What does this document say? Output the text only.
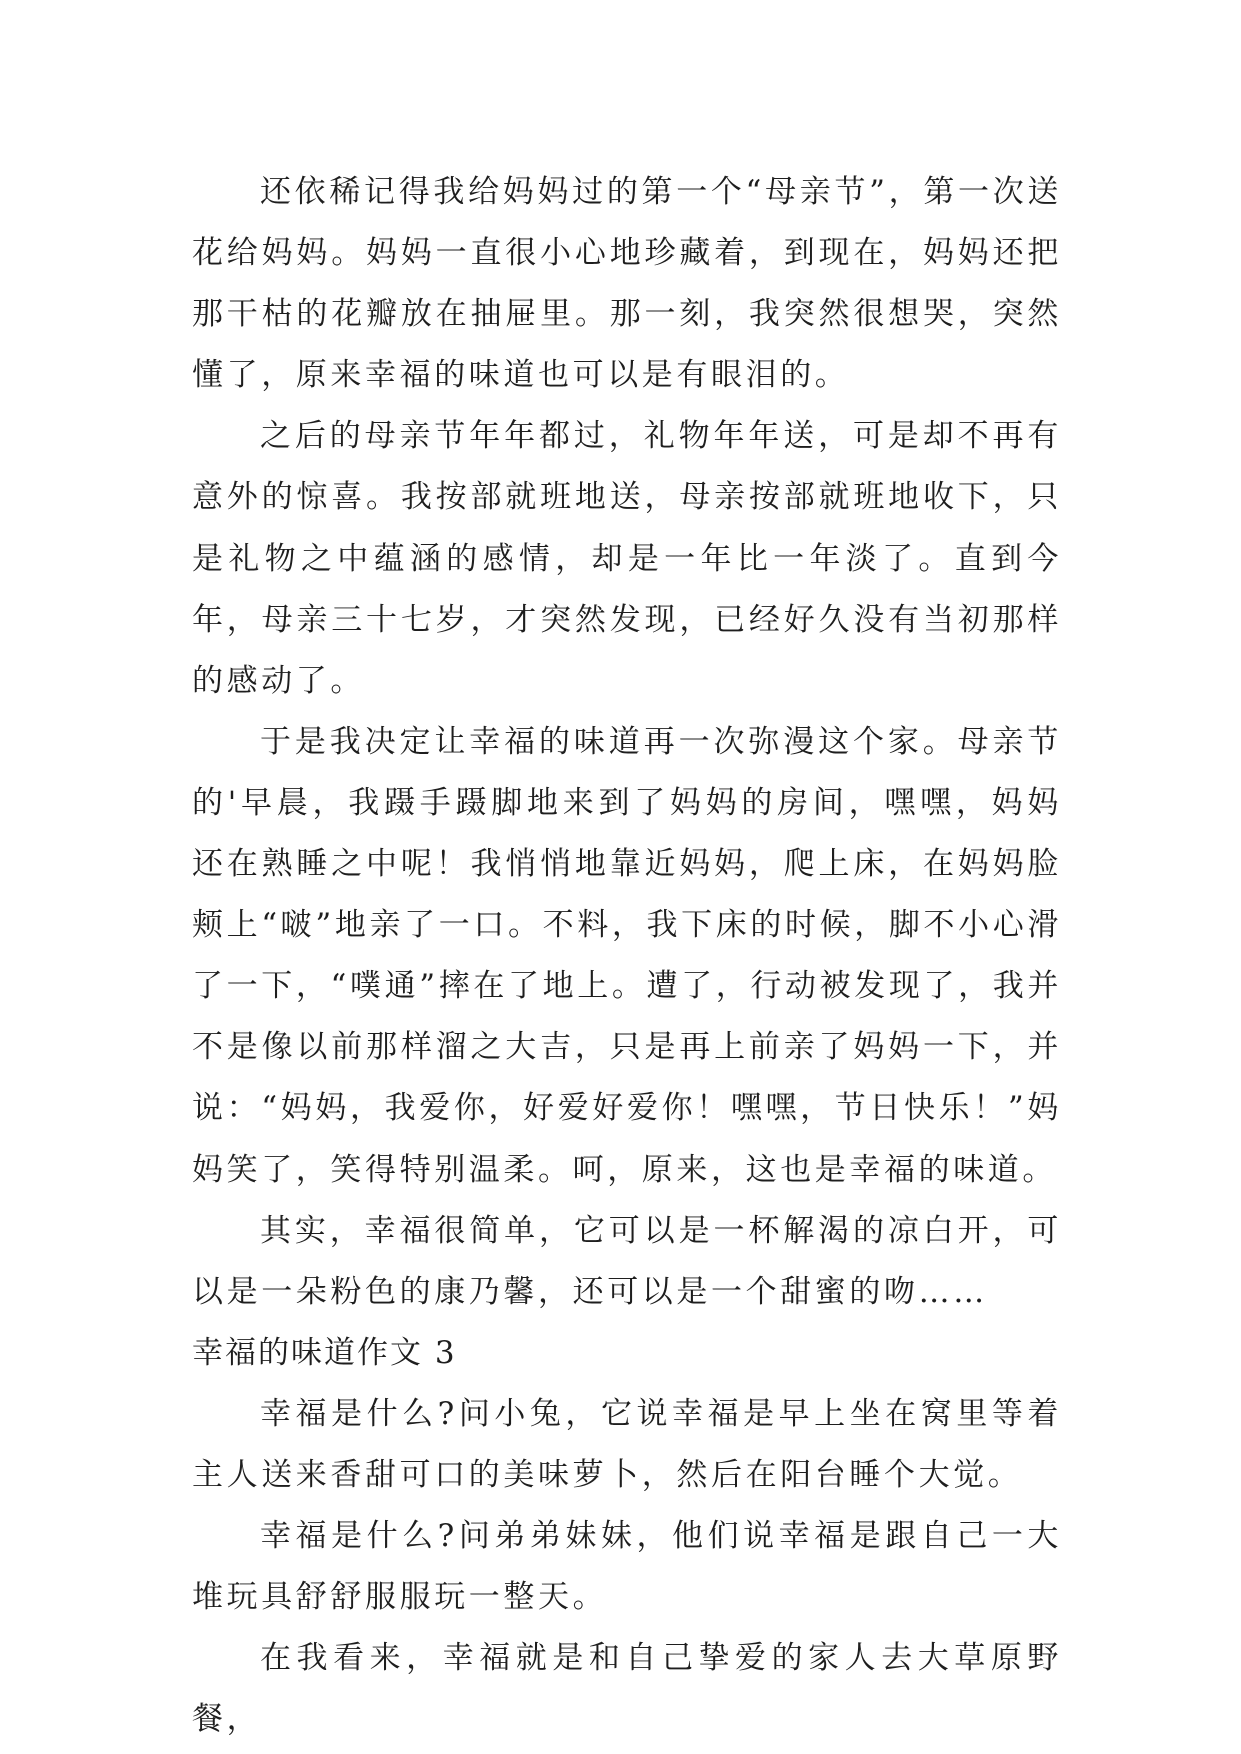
还依稀记得我给妈妈过的第一个“母亲节”，第一次送花给妈妈。妈妈一直很小心地珍藏着，到现在，妈妈还把那干枯的花瓣放在抽屉里。那一刻，我突然很想哭，突然懂了，原来幸福的味道也可以是有眼泪的。

之后的母亲节年年都过，礼物年年送，可是却不再有意外的惊喜。我按部就班地送，母亲按部就班地收下，只是礼物之中蕴涵的感情，却是一年比一年淡了。直到今年，母亲三十七岁，才突然发现，已经好久没有当初那样的感动了。

于是我决定让幸福的味道再一次弥漫这个家。母亲节的'早晨，我蹑手蹑脚地来到了妈妈的房间，嘿嘿，妈妈还在熟睡之中呢！我悄悄地靠近妈妈，爬上床，在妈妈脸颊上“啵”地亲了一口。不料，我下床的时候，脚不小心滑了一下，“噗通”摔在了地上。遭了，行动被发现了，我并不是像以前那样溜之大吉，只是再上前亲了妈妈一下，并说：“妈妈，我爱你，好爱好爱你！嘿嘿，节日快乐！”妈妈笑了，笑得特别温柔。呵，原来，这也是幸福的味道。

其实，幸福很简单，它可以是一杯解渴的凉白开，可以是一朵粉色的康乃馨，还可以是一个甜蜜的吻……

幸福的味道作文 3

幸福是什么?问小兔，它说幸福是早上坐在窝里等着主人送来香甜可口的美味萝卜，然后在阳台睡个大觉。

幸福是什么?问弟弟妹妹，他们说幸福是跟自己一大堆玩具舒舒服服玩一整天。

在我看来，幸福就是和自己挚爱的家人去大草原野餐，
